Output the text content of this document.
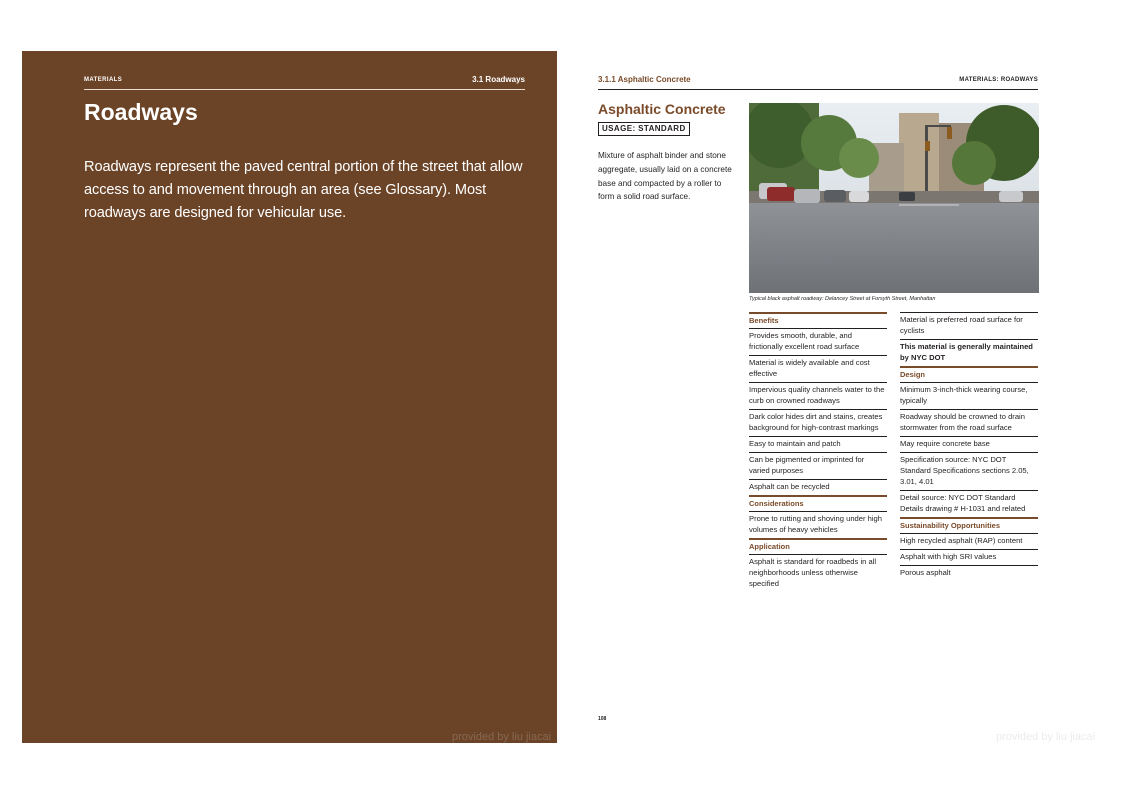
MATERIALS	3.1 Roadways
Roadways
Roadways represent the paved central portion of the street that allow access to and movement through an area (see Glossary). Most roadways are designed for vehicular use.
provided by liu jiacai
3.1.1 Asphaltic Concrete	MATERIALS: ROADWAYS
Asphaltic Concrete
USAGE: STANDARD
Mixture of asphalt binder and stone aggregate, usually laid on a concrete base and compacted by a roller to form a solid road surface.
Typical black asphalt roadway: Delancey Street at Forsyth Street, Manhattan
Benefits
Provides smooth, durable, and frictionally excellent road surface
Material is widely available and cost effective
Impervious quality channels water to the curb on crowned roadways
Dark color hides dirt and stains, creates background for high-contrast markings
Easy to maintain and patch
Can be pigmented or imprinted for varied purposes
Asphalt can be recycled
Considerations
Prone to rutting and shoving under high volumes of heavy vehicles
Application
Asphalt is standard for roadbeds in all neighborhoods unless otherwise specified
Material is preferred road surface for cyclists
This material is generally maintained by NYC DOT
Design
Minimum 3-inch-thick wearing course, typically
Roadway should be crowned to drain stormwater from the road surface
May require concrete base
Specification source: NYC DOT Standard Specifications sections 2.05, 3.01, 4.01
Detail source: NYC DOT Standard Details drawing # H-1031 and related
Sustainability Opportunities
High recycled asphalt (RAP) content
Asphalt with high SRI values
Porous asphalt
108
provided by liu jiacai
